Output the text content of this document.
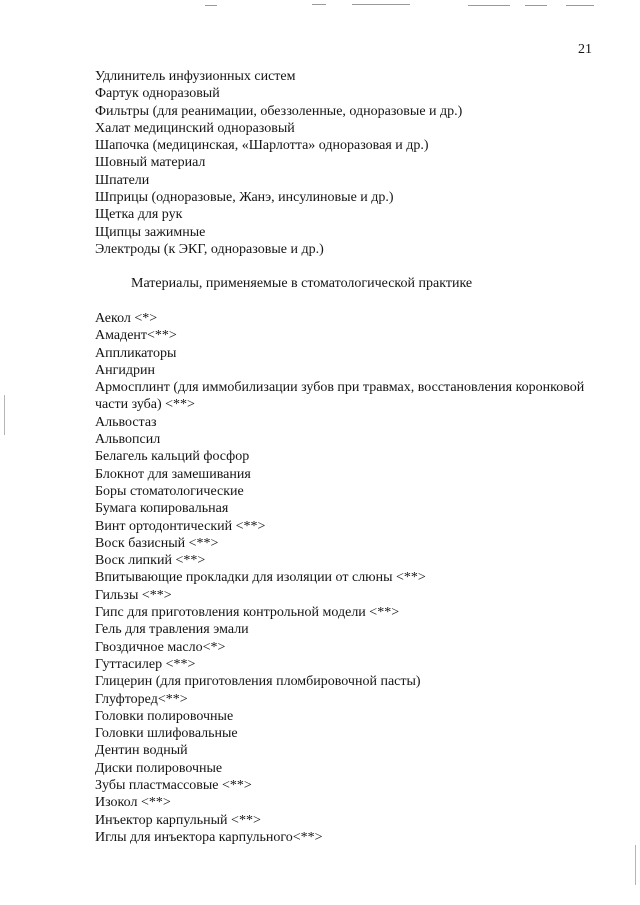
21
Удлинитель инфузионных систем
Фартук одноразовый
Фильтры (для реанимации, обеззоленные, одноразовые и др.)
Халат медицинский одноразовый
Шапочка (медицинская, «Шарлотта» одноразовая и др.)
Шовный материал
Шпатели
Шприцы (одноразовые, Жанэ, инсулиновые и др.)
Щетка для рук
Щипцы зажимные
Электроды (к ЭКГ, одноразовые и др.)
Материалы, применяемые в стоматологической практике
Аекол <*>
Амадент<**>
Аппликаторы
Ангидрин
Армосплинт (для иммобилизации зубов при травмах, восстановления коронковой части зуба) <**>
Альвостаз
Альвопсил
Белагель кальций фосфор
Блокнот для замешивания
Боры стоматологические
Бумага копировальная
Винт ортодонтический <**>
Воск базисный <**>
Воск липкий <**>
Впитывающие прокладки для изоляции от слюны <**>
Гильзы <**>
Гипс для приготовления контрольной модели <**>
Гель для травления эмали
Гвоздичное масло<*>
Гуттасилер <**>
Глицерин (для приготовления пломбировочной пасты)
Глуфторед<**>
Головки полировочные
Головки шлифовальные
Дентин водный
Диски полировочные
Зубы пластмассовые <**>
Изокол <**>
Инъектор карпульный <**>
Иглы для инъектора карпульного<**>
